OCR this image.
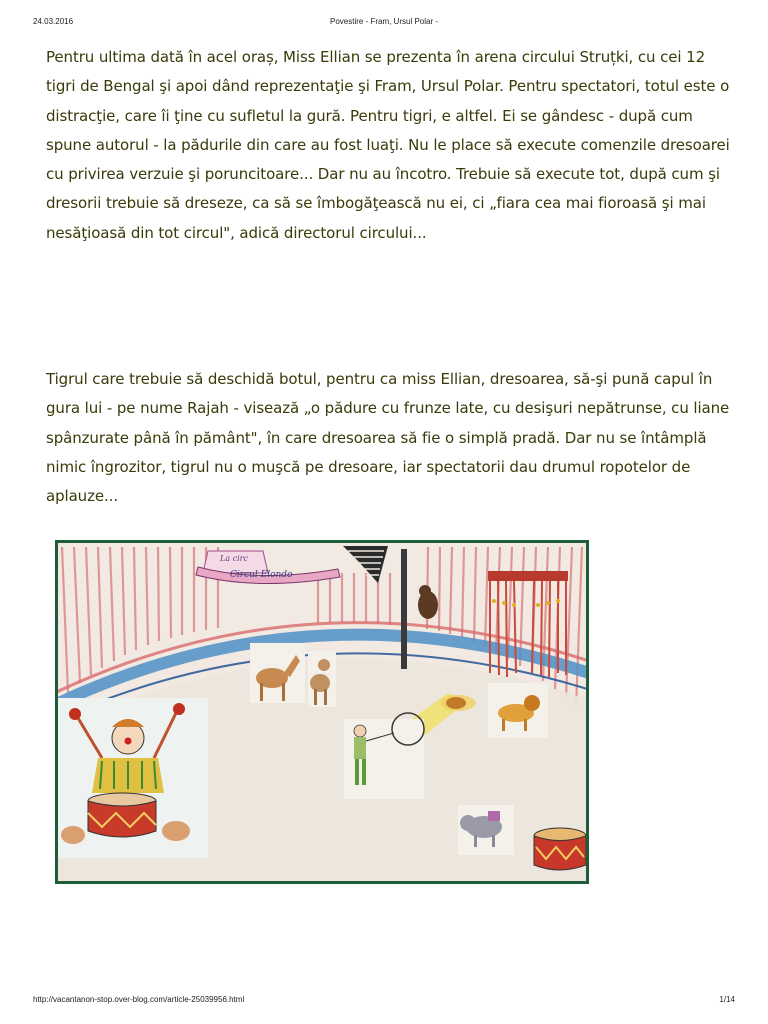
24.03.2016	Povestire - Fram, Ursul Polar -

Pentru ultima dată în acel oraș, Miss Ellian se prezenta în arena circului Struțki, cu cei 12 tigri de Bengal şi apoi dând reprezentaţie şi Fram, Ursul Polar. Pentru spectatori, totul este o distracţie, care îi ţine cu sufletul la gură. Pentru tigri, e altfel. Ei se gândesc - după cum spune autorul - la pădurile din care au fost luaţi. Nu le place să execute comenzile dresoarei cu privirea verzuie şi poruncitoare... Dar nu au încotro. Trebuie să execute tot, după cum şi dresorii trebuie să dreseze, ca să se îmbogăţească nu ei, ci „fiara cea mai fioroasă şi mai nesăţioasă din tot circul", adică directorul circului...

Tigrul care trebuie să deschidă botul, pentru ca miss Ellian, dresoarea, să-şi pună capul în gura lui - pe nume Rajah - visează „o pădure cu frunze late, cu desişuri nepătrunse, cu liane spânzurate până în pământ", în care dresoarea să fie o simplă pradă. Dar nu se întâmplă nimic îngrozitor, tigrul nu o muşcă pe dresoare, iar spectatorii dau drumul ropotelor de aplauze...

La circ
Circul Elondo
http://vacantanon-stop.over-blog.com/article-25039956.html	1/14
